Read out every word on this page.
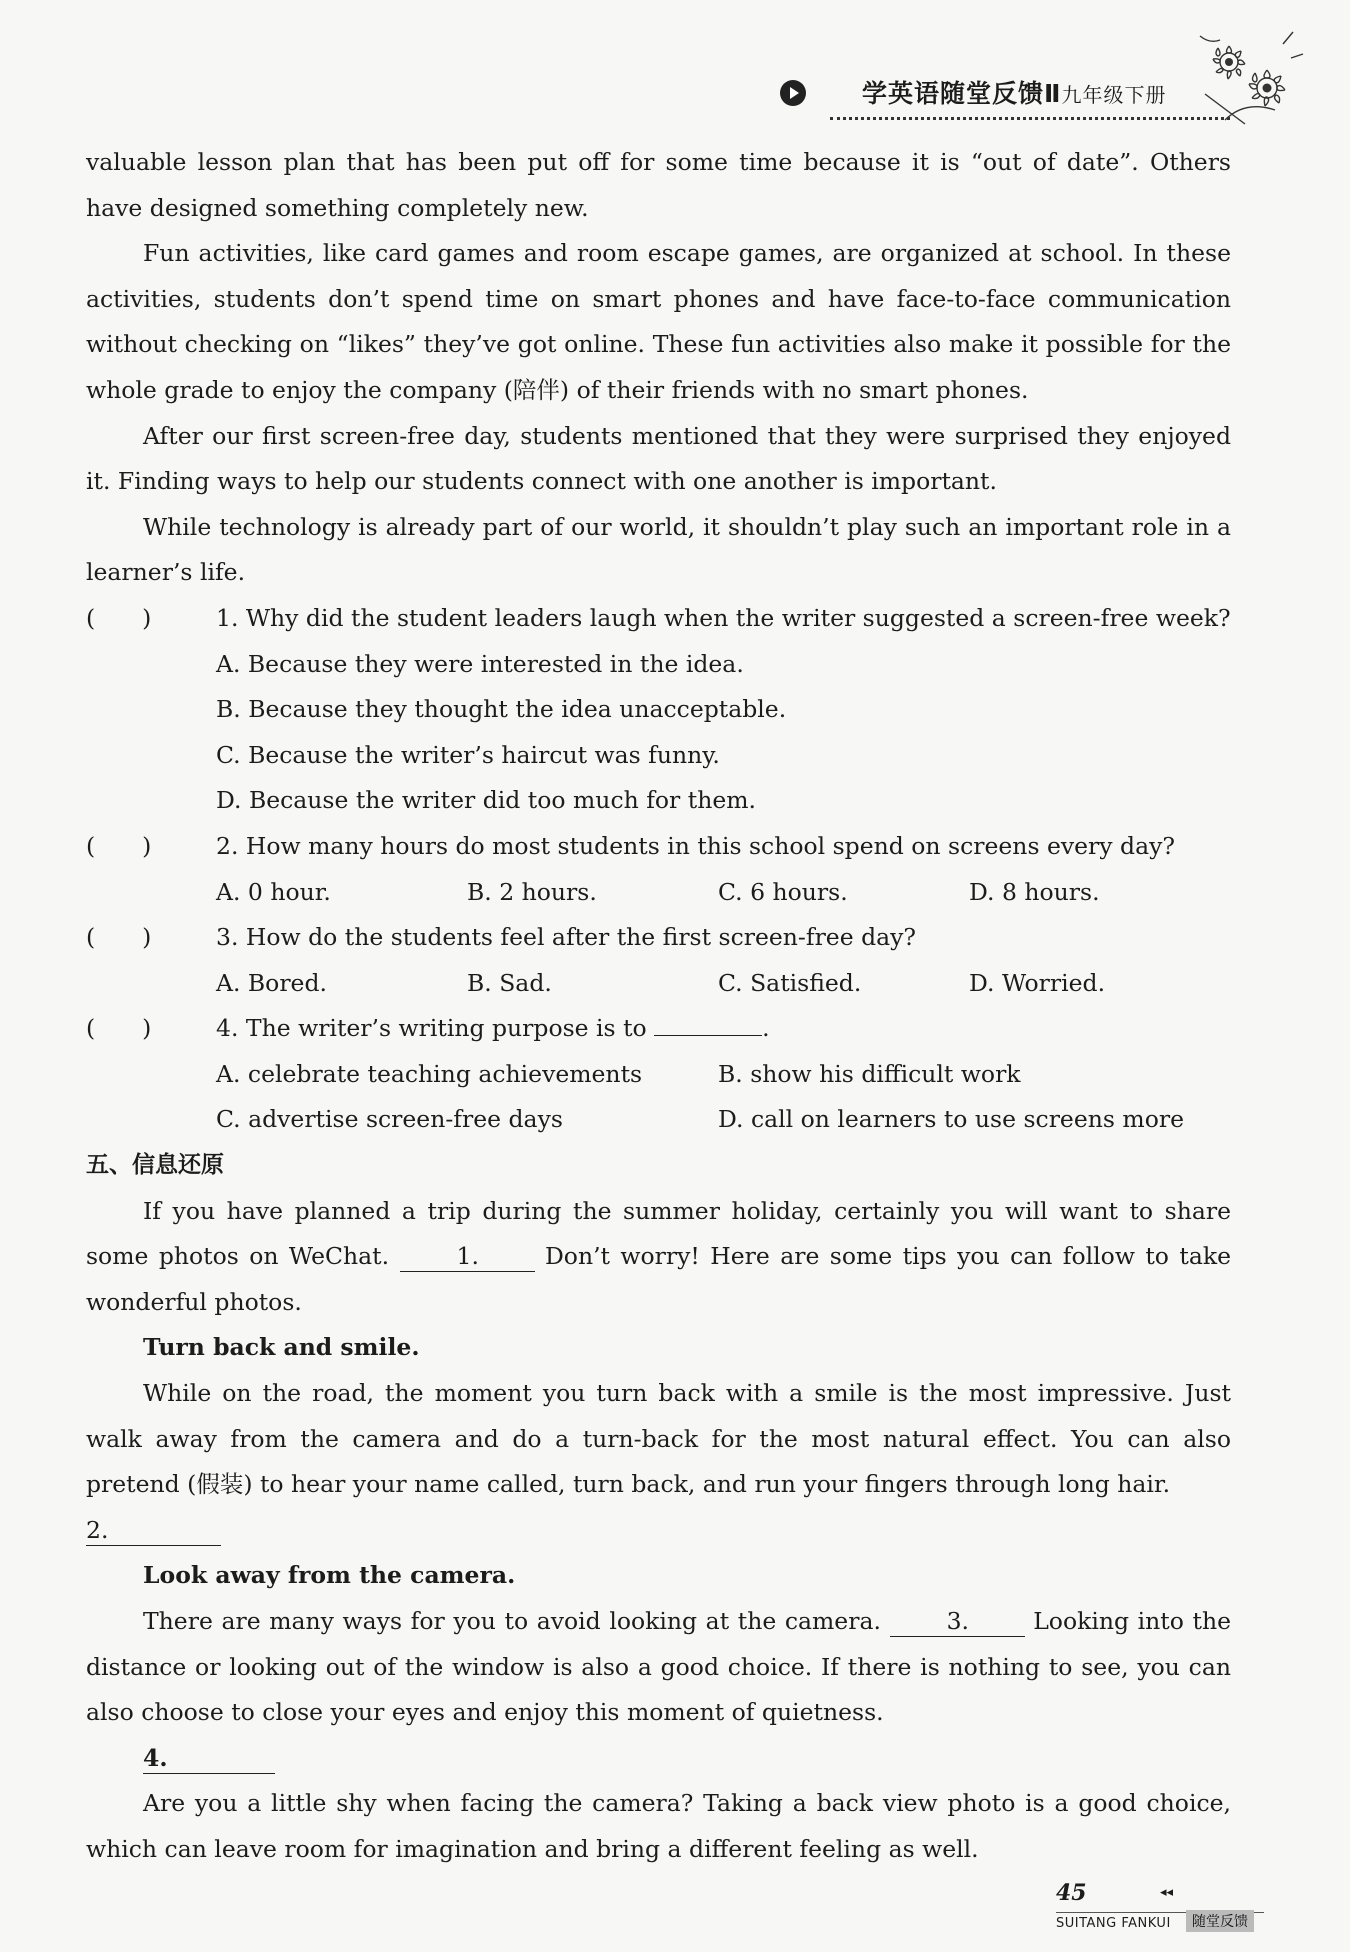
学英语随堂反馈Ⅱ九年级下册

valuable lesson plan that has been put off for some time because it is “out of date”. Others have designed something completely new.

Fun activities, like card games and room escape games, are organized at school. In these activities, students don’t spend time on smart phones and have face-to-face communication without checking on “likes” they’ve got online. These fun activities also make it possible for the whole grade to enjoy the company (陪伴) of their friends with no smart phones.

After our first screen-free day, students mentioned that they were surprised they enjoyed it. Finding ways to help our students connect with one another is important.

While technology is already part of our world, it shouldn’t play such an important role in a learner’s life.

(　　)	1. Why did the student leaders laugh when the writer suggested a screen-free week?

A. Because they were interested in the idea.

B. Because they thought the idea unacceptable.

C. Because the writer’s haircut was funny.

D. Because the writer did too much for them.

(　　)	2. How many hours do most students in this school spend on screens every day?

A. 0 hour.	B. 2 hours.	C. 6 hours.	D. 8 hours.

(　　)	3. How do the students feel after the first screen-free day?

A. Bored.	B. Sad.	C. Satisfied.	D. Worried.

(　　)	4. The writer’s writing purpose is to	.

A. celebrate teaching achievements	B. show his difficult work

C. advertise screen-free days	D. call on learners to use screens more

五、信息还原

If you have planned a trip during the summer holiday, certainly you will want to share some photos on WeChat.	1.	Don’t worry! Here are some tips you can follow to take wonderful photos.

Turn back and smile.

While on the road, the moment you turn back with a smile is the most impressive. Just walk away from the camera and do a turn-back for the most natural effect. You can also pretend (假装) to hear your name called, turn back, and run your fingers through long hair.

2.

Look away from the camera.

There are many ways for you to avoid looking at the camera.	3.	Looking into the distance or looking out of the window is also a good choice. If there is nothing to see, you can also choose to close your eyes and enjoy this moment of quietness.

4.

Are you a little shy when facing the camera? Taking a back view photo is a good choice, which can leave room for imagination and bring a different feeling as well.

45	◂◂
SUITANG FANKUI	随堂反馈
